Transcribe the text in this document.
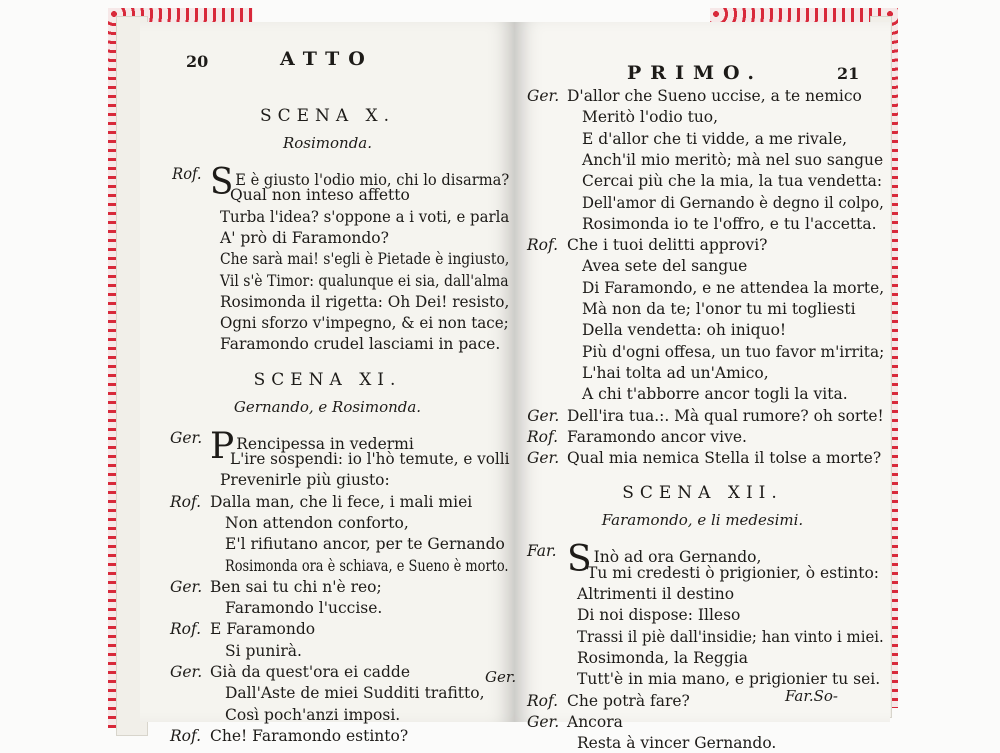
20	ATTO
Ger.
SCENA X.
Rosimonda.
Rof. S E è giusto l'odio mio, chi lo disarma?
Qual non inteso affetto
Turba l'idea? s'oppone a i voti, e parla
A' prò di Faramondo?
Che sarà mai! s'egli è Pietade è ingiusto,
Vil s'è Timor: qualunque ei sia, dall'alma
Rosimonda il rigetta: Oh Dei! resisto,
Ogni sforzo v'impegno, & ei non tace;
Faramondo crudel lasciami in pace.
SCENA XI.
Gernando, e Rosimonda.
Ger. P Rencipessa in vedermi
L'ire sospendi: io l'hò temute, e volli
Prevenirle più giusto:
Rof. Dalla man, che li fece, i mali miei
Non attendon conforto,
E'l rifiutano ancor, per te Gernando
Rosimonda ora è schiava, e Sueno è morto.
Ger. Ben sai tu chi n'è reo;
Faramondo l'uccise.
Rof. E Faramondo
Si punirà.
Ger. Già da quest'ora ei cadde
Dall'Aste de miei Sudditi trafitto,
Così poch'anzi imposi.
Rof. Che! Faramondo estinto?
PRIMO.	21
Far.So-
Ger. D'allor che Sueno uccise, a te nemico
Meritò l'odio tuo,
E d'allor che ti vidde, a me rivale,
Anch'il mio meritò; mà nel suo sangue
Cercai più che la mia, la tua vendetta:
Dell'amor di Gernando è degno il colpo,
Rosimonda io te l'offro, e tu l'accetta.
Rof. Che i tuoi delitti approvi?
Avea sete del sangue
Di Faramondo, e ne attendea la morte,
Mà non da te; l'onor tu mi togliesti
Della vendetta: oh iniquo!
Più d'ogni offesa, un tuo favor m'irrita;
L'hai tolta ad un'Amico,
A chi t'abborre ancor togli la vita.
Ger. Dell'ira tua.:. Mà qual rumore? oh sorte!
Rof. Faramondo ancor vive.
Ger. Qual mia nemica Stella il tolse a morte?
SCENA XII.
Faramondo, e li medesimi.
Far. S Inò ad ora Gernando,
Tu mi credesti ò prigionier, ò estinto:
Altrimenti il destino
Di noi dispose: Illeso
Trassi il piè dall'insidie; han vinto i miei.
Rosimonda, la Reggia
Tutt'è in mia mano, e prigionier tu sei.
Rof. Che potrà fare?
Ger. Ancora
Resta à vincer Gernando.
